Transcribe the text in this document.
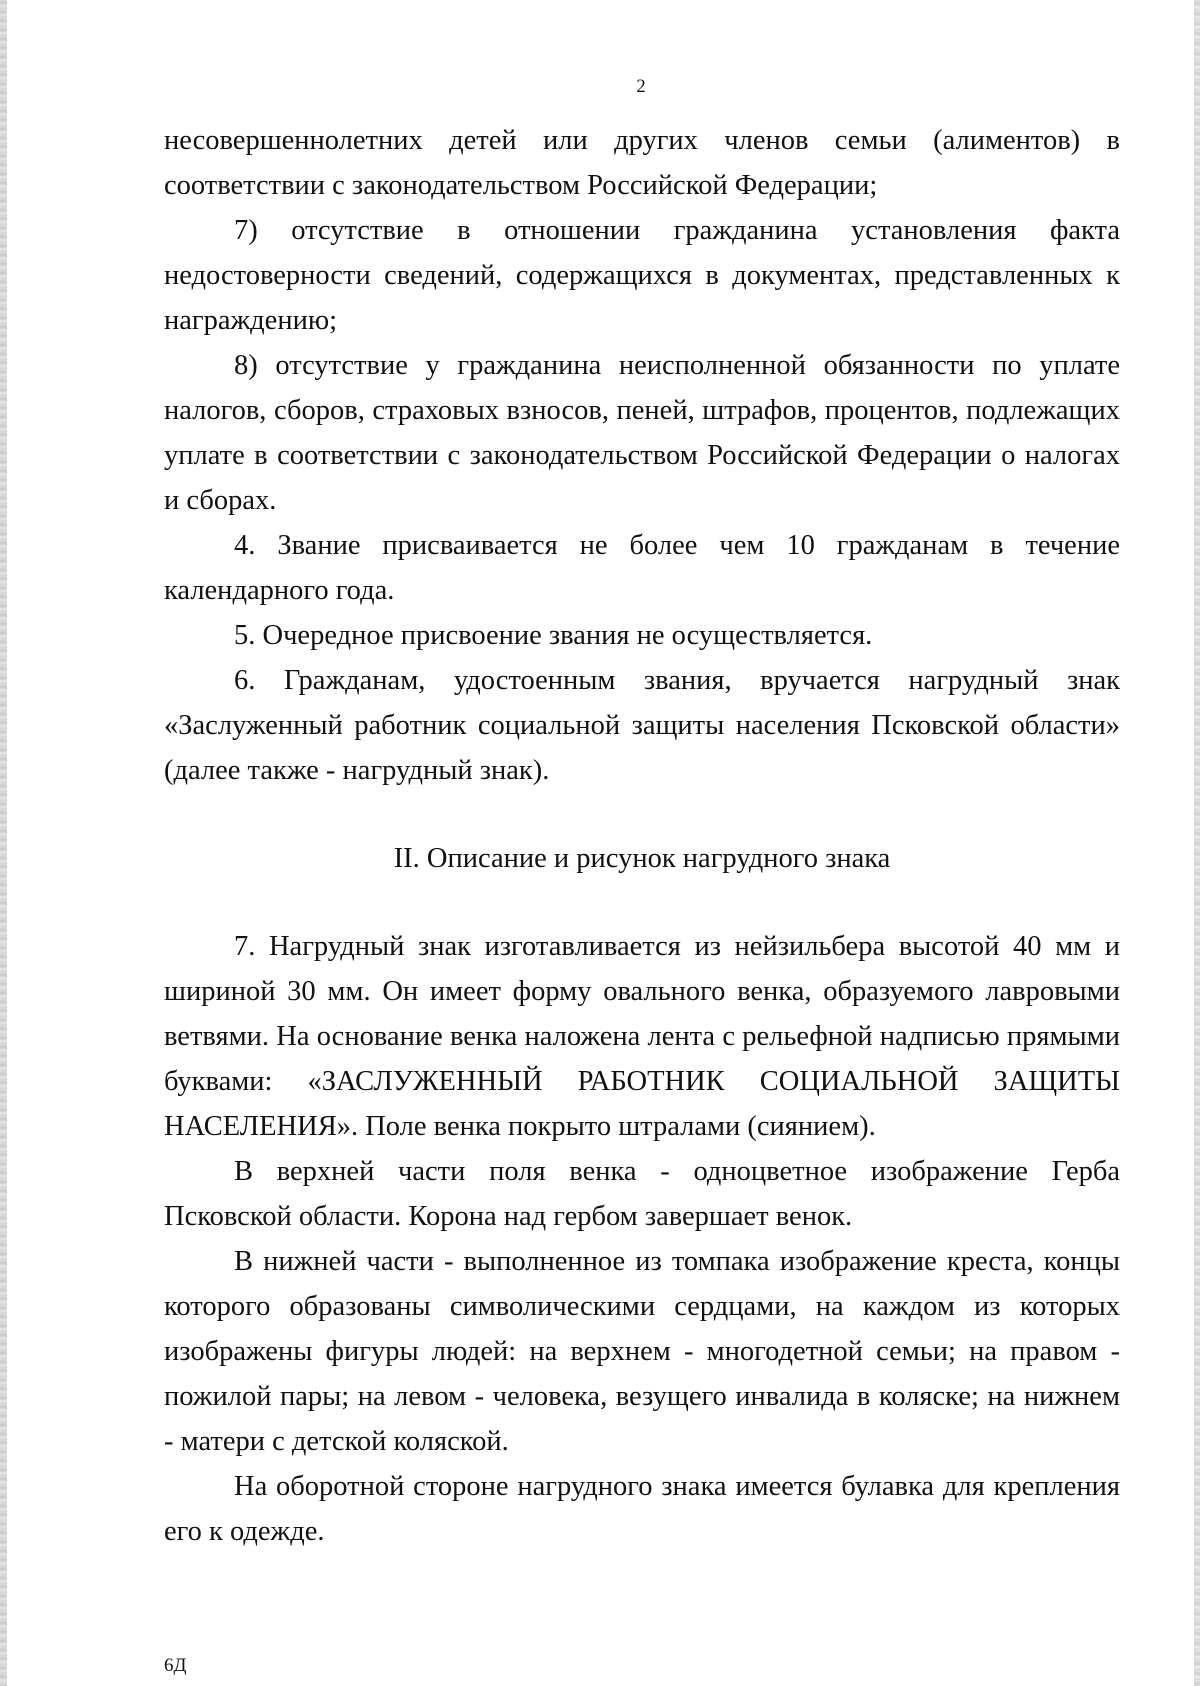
2

несовершеннолетних детей или других членов семьи (алиментов) в соответствии с законодательством Российской Федерации;

7) отсутствие в отношении гражданина установления факта недостоверности сведений, содержащихся в документах, представленных к награждению;

8) отсутствие у гражданина неисполненной обязанности по уплате налогов, сборов, страховых взносов, пеней, штрафов, процентов, подлежащих уплате в соответствии с законодательством Российской Федерации о налогах и сборах.

4. Звание присваивается не более чем 10 гражданам в течение календарного года.

5. Очередное присвоение звания не осуществляется.

6. Гражданам, удостоенным звания, вручается нагрудный знак «Заслуженный работник социальной защиты населения Псковской области» (далее также - нагрудный знак).

II. Описание и рисунок нагрудного знака

7. Нагрудный знак изготавливается из нейзильбера высотой 40 мм и шириной 30 мм. Он имеет форму овального венка, образуемого лавровыми ветвями. На основание венка наложена лента с рельефной надписью прямыми буквами: «ЗАСЛУЖЕННЫЙ РАБОТНИК СОЦИАЛЬНОЙ ЗАЩИТЫ НАСЕЛЕНИЯ». Поле венка покрыто штралами (сиянием).

В верхней части поля венка - одноцветное изображение Герба Псковской области. Корона над гербом завершает венок.

В нижней части - выполненное из томпака изображение креста, концы которого образованы символическими сердцами, на каждом из которых изображены фигуры людей: на верхнем - многодетной семьи; на правом - пожилой пары; на левом - человека, везущего инвалида в коляске; на нижнем - матери с детской коляской.

На оборотной стороне нагрудного знака имеется булавка для крепления его к одежде.

6Д
